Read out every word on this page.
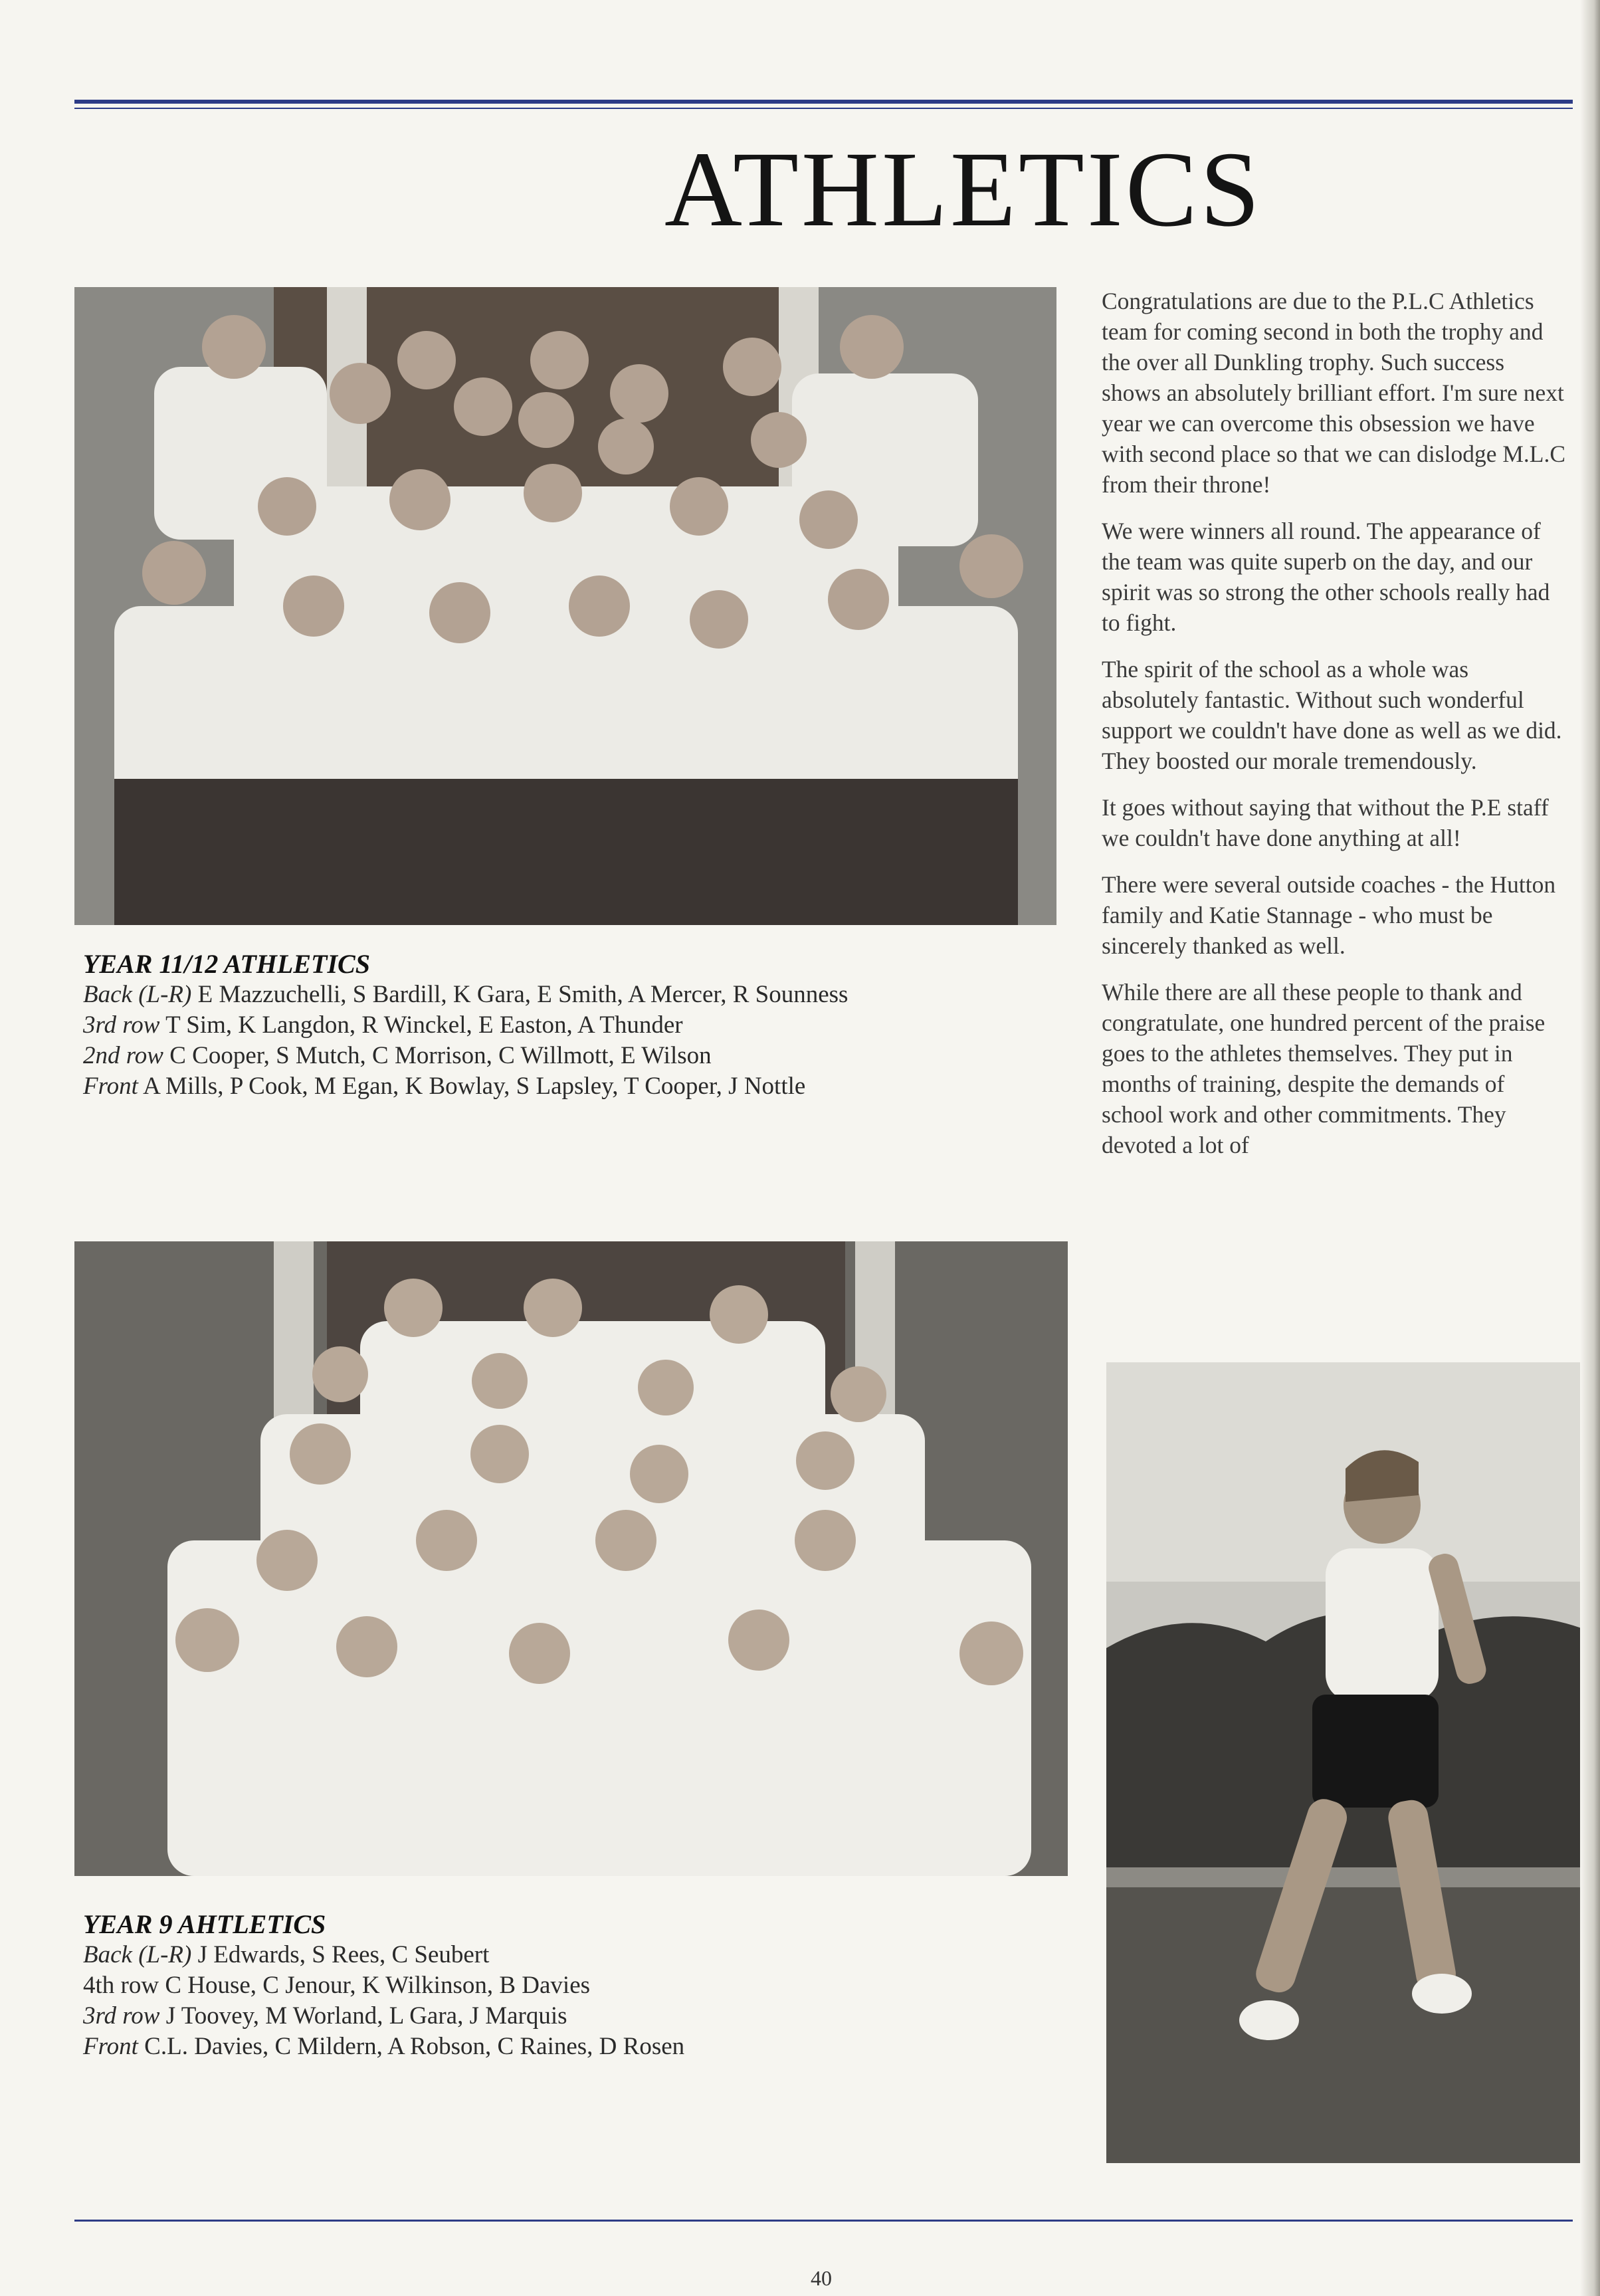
ATHLETICS
YEAR 11/12 ATHLETICS
Back (L-R) E Mazzuchelli, S Bardill, K Gara, E Smith, A Mercer, R Sounness
3rd row T Sim, K Langdon, R Winckel, E Easton, A Thunder
2nd row C Cooper, S Mutch, C Morrison, C Willmott, E Wilson
Front A Mills, P Cook, M Egan, K Bowlay, S Lapsley, T Cooper, J Nottle

Congratulations are due to the P.L.C Athletics team for coming second in both the trophy and the over all Dunkling trophy. Such success shows an absolutely brilliant effort. I'm sure next year we can overcome this obsession we have with second place so that we can dislodge M.L.C from their throne!

We were winners all round. The appearance of the team was quite superb on the day, and our spirit was so strong the other schools really had to fight.

The spirit of the school as a whole was absolutely fantastic. Without such wonderful support we couldn't have done as well as we did. They boosted our morale tremendously.

It goes without saying that without the P.E staff we couldn't have done anything at all!

There were several outside coaches - the Hutton family and Katie Stannage - who must be sincerely thanked as well.

While there are all these people to thank and congratulate, one hundred percent of the praise goes to the athletes themselves. They put in months of training, despite the demands of school work and other commitments. They devoted a lot of

YEAR 9 AHTLETICS
Back (L-R) J Edwards, S Rees, C Seubert
4th row C House, C Jenour, K Wilkinson, B Davies
3rd row J Toovey, M Worland, L Gara, J Marquis
Front C.L. Davies, C Mildern, A Robson, C Raines, D Rosen
40
